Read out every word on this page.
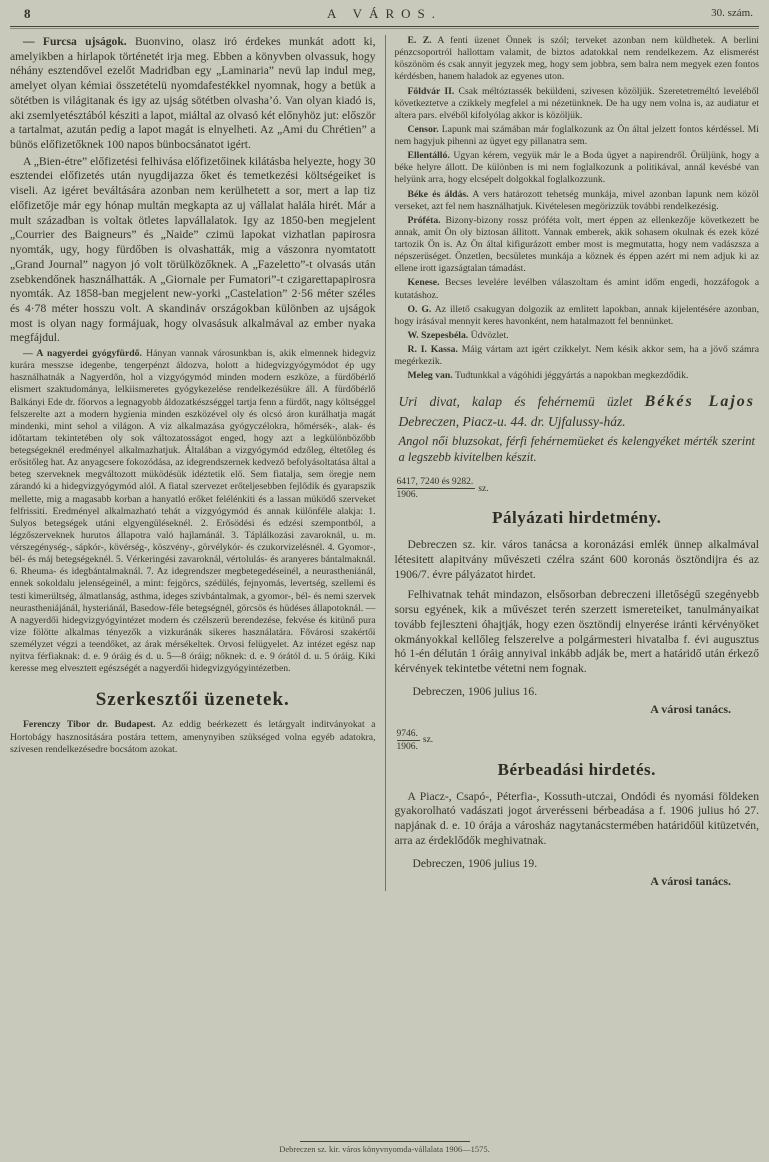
8	A VÁROS.	30. szám.

— Furcsa ujságok. Buonvino, olasz iró érdekes munkát adott ki, amelyikben a hirlapok történetét irja meg. Ebben a könyvben olvassuk, hogy néhány esztendővel ezelőt Madridban egy „Laminaria” nevü lap indul meg, amelyet olyan kémiai összetételü nyomdafestékkel nyomnak, hogy a betük a sötétben is világitanak és igy az ujság sötétben olvasha’ó. Van olyan kiadó is, aki zsemlyetésztából késziti a lapot, miáltal az olvasó két előnyhöz jut: először a tartalmat, azután pedig a lapot magát is elnyelheti. Az „Ami du Chrétien” a bünös előfizetőknek 100 napos bünbocsánatot igért.

A „Bien-étre” előfizetési felhivása előfizetőinek kilátásba helyezte, hogy 30 esztendei előfizetés után nyugdijazza őket és temetkezési költségeiket is viseli. Az igéret beváltására azonban nem kerülhetett a sor, mert a lap tiz előfizetője már egy hónap multán megkapta az uj vállalat halála hirét. Már a mult században is voltak ötletes lapvállalatok. Igy az 1850-ben megjelent „Courrier des Baigneurs” és „Naide” czimü lapokat vizhatlan papirosra nyomták, ugy, hogy fürdőben is olvashatták, mig a vászonra nyomtatott „Grand Journal” nagyon jó volt törülközőknek. A „Fazeletto”-t olvasás után zsebkendőnek használhatták. A „Giornale per Fumatori”-t czigarettapapirosra nyomták. Az 1858-ban megjelent new-yorki „Castelation” 2·56 méter széles és 4·78 méter hosszu volt. A skandináv országokban különben az ujságok most is olyan nagy formájuak, hogy olvasásuk alkalmával az ember nyaka megfájdul.

— A nagyerdei gyógyfürdő. Hányan vannak városunkban is, akik elmennek hidegviz kurára messzse idegenbe, tengerpénzt áldozva, holott a hidegvizgyógymódot ép ugy használhatnák a Nagyerdőn, hol a vizgyógymód minden modern eszköze, a fürdőbérlő elismert szaktudománya, lelkiismeretes gyógykezelése rendelkezésükre áll. A fürdőbérlő Balkányi Ede dr. főorvos a legnagyobb áldozatkészséggel tartja fenn a fürdőt, nagy költséggel felszerelte azt a modern hygienia minden eszközével oly és olcsó áron kurálhatja magát mindenki, mint sehol a világon. A viz alkalmazása gyógyczélokra, hőmérsék-, alak- és időtartam tekintetében oly sok változatosságot enged, hogy azt a legkülönbözőbb betegségeknél eredményel alkalmazhatjuk. Általában a vizgyógymód edzőleg, éltetőleg és erősitőleg hat. Az anyagcsere fokozódása, az idegrendszernek kedvező befolyásoltatása által a beteg szerveknek megváltozott müködésük idéztetik elő. Sem fiatalja, sem öregje nem zárandó ki a hidegvizgyógymód alól. A fiatal szervezet erőteljesebben fejlődik és gyarapszik mellette, mig a magasabb korban a hanyatló erőket felélénkiti és a lassan müködő szerveket felfrissiti. Eredményel alkalmazható tehát a vizgyógymód és annak különféle alakja: 1. Sulyos betegségek utáni elgyengüléseknél. 2. Erősödési és edzési szempontból, a légzőszerveknek hurutos állapotra való hajlamánál. 3. Táplálkozási zavaroknál, u. m. vérszegénység-, sápkór-, kövérség-, köszvény-, görvélykór- és czukorvizelésnél. 4. Gyomor-, bél- és máj betegségeknél. 5. Vérkeringési zavaroknál, vértolulás- és aranyeres bántalmaknál. 6. Rheuma- és idegbántalmaknál. 7. Az idegrendszer megbetegedéseinél, a neurastheniánál, ennek sokoldalu jelenségeinél, a mint: fejgörcs, szédülés, fejnyomás, levertség, szellemi és testi kimerültség, álmatlanság, asthma, ideges szivbántalmak, a gyomor-, bél- és nemi szervek neurastheniájánál, hysteriánál, Basedow-féle betegségnél, görcsös és hüdéses állapotoknál. — A nagyerdői hidegvizgyógyintézet modern és czélszerü berendezése, fekvése és kitünő pura vize fölötte alkalmas tényezők a vizkuránák sikeres használatára. Fővárosi szakértői személyzet végzi a teendőket, az árak mérsékeltek. Orvosi felügyelet. Az intézet egész nap nyitva férfiaknak: d. e. 9 óráig és d. u. 5—8 óráig; nőknek: d. e. 9 órától d. u. 5 óráig. Kiki keresse meg elvesztett egészségét a nagyerdői hidegvizgyógyintézetben.

Szerkesztői üzenetek.

Ferenczy Tibor dr. Budapest. Az eddig beérkezett és letárgyalt inditványokat a Hortobágy hasznositására postára tettem, amenynyiben szükséged volna egyéb adatokra, szivesen rendelkezésedre bocsátom azokat.

E. Z. A fenti üzenet Önnek is szól; terveket azonban nem küldhetek. A berlini pénzcsoportról hallottam valamit, de biztos adatokkal nem rendelkezem. Az elismerést köszönöm és csak annyit jegyzek meg, hogy sem jobbra, sem balra nem megyek ezen fontos kérdésben, hanem haladok az egyenes uton.

Földvár II. Csak méltóztassék beküldeni, szivesen közöljük. Szeretetreméltó leveléből következtetve a czikkely megfelel a mi nézetünknek. De ha ugy nem volna is, az audiatur et altera pars. elvéből kifolyólag akkor is közöljük.

Censor. Lapunk mai számában már foglalkozunk az Ön által jelzett fontos kérdéssel. Mi nem hagyjuk pihenni az ügyet egy pillanatra sem.

Ellentálló. Ugyan kérem, vegyük már le a Boda ügyet a napirendről. Örüljünk, hogy a béke helyre állott. De különben is mi nem foglalkozunk a politikával, annál kevésbé van helyünk arra, hogy elcsépelt dolgokkal foglalkozzunk.

Béke és áldás. A vers határozott tehetség munkája, mivel azonban lapunk nem közöl verseket, azt fel nem használhatjuk. Kivételesen megörizzük további rendelkezésig.

Próféta. Bizony-bizony rossz próféta volt, mert éppen az ellenkezője következett be annak, amit Ön oly biztosan állitott. Vannak emberek, akik sohasem okulnak és ezek közé tartozik Ön is. Az Ön által kifigurázott ember most is megmutatta, hogy nem vadászsza a népszerüséget. Önzetlen, becsületes munkája a köznek és éppen azért mi nem adjuk ki az ellene irott igazságtalan támadást.

Kenese. Becses levelére levélben válaszoltam és amint időm engedi, hozzáfogok a kutatáshoz.

O. G. Az illető csakugyan dolgozik az emlitett lapokban, annak kijelentésére azonban, hogy irásával mennyit keres havonként, nem hatalmazott fel bennünket.

W. Szepesbéla. Üdvözlet.

R. I. Kassa. Máig vártam azt igért czikkelyt. Nem késik akkor sem, ha a jövő számra megérkezik.

Meleg van. Tudtunkkal a vágóhidi jéggyártás a napokban megkezdődik.

Uri divat, kalap és fehérnemü üzlet Békés Lajos Debreczen, Piacz-u. 44. dr. Ujfalussy-ház.
Angol női bluzsokat, férfi fehérnemüeket és kelengyéket mérték szerint a legszebb kivitelben készit.
$\frac{6417, 7240 és 9282.}{1906.}$ sz.
Pályázati hirdetmény.

Debreczen sz. kir. város tanácsa a koronázási emlék ünnep alkalmával létesitett alapitvány művészeti czélra szánt 600 koronás ösztöndijra és az 1906/7. évre pályázatot hirdet.

Felhivatnak tehát mindazon, elsősorban debreczeni illetőségű szegényebb sorsu egyének, kik a művészet terén szerzett ismereteiket, tanulmányaikat tovább fejleszteni óhajtják, hogy ezen ösztöndij elnyerése iránti kérvényöket okmányokkal kellőleg felszerelve a polgármesteri hivatalba f. évi augusztus hó 1-én délután 1 óráig annyival inkább adják be, mert a határidő után érkező kérvények tekintetbe vétetni nem fognak.

Debreczen, 1906 julius 16.

A városi tanács.

$\frac{9746.}{1906.}$ sz.
Bérbeadási hirdetés.

A Piacz-, Csapó-, Péterfia-, Kossuth-utczai, Ondódi és nyomási földeken gyakorolható vadászati jogot árverésseni bérbeadása a f. 1906 julius hó 27. napjának d. e. 10 órája a városház nagytanácstermében határidőül kitüzetvén, arra az érdeklődők meghivatnak.

Debreczen, 1906 julius 19.

A városi tanács.

Debreczen sz. kir. város könyvnyomda-vállalata 1906—1575.
